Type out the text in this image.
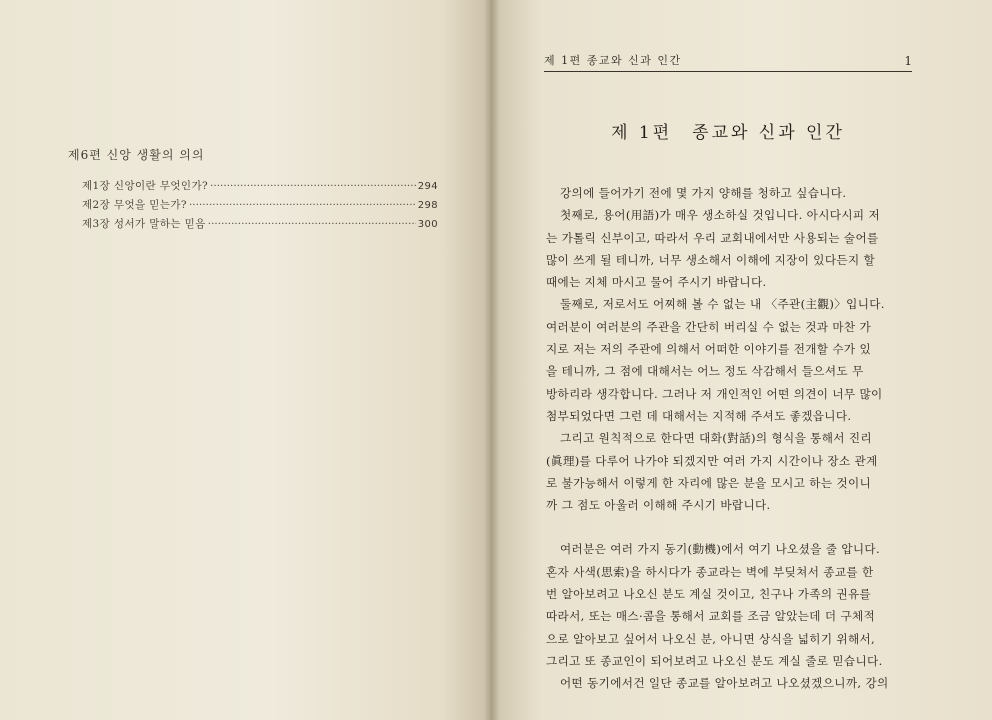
제6편 신앙 생활의 의의
제1장 신앙이란 무엇인가? ·····	294
제2장 무엇을 믿는가? ·····	298
제3장 성서가 말하는 믿음 ·····	300
제 1편 종교와 신과 인간	1
제 1편　종교와 신과 인간
강의에 들어가기 전에 몇 가지 양해를 청하고 싶습니다.
첫째로, 용어(用語)가 매우 생소하실 것입니다. 아시다시피 저
는 가톨릭 신부이고, 따라서 우리 교회내에서만 사용되는 술어를
많이 쓰게 될 테니까, 너무 생소해서 이해에 지장이 있다든지 할
때에는 지체 마시고 물어 주시기 바랍니다.
둘째로, 저로서도 어찌해 볼 수 없는 내 〈주관(主觀)〉입니다.
여러분이 여러분의 주관을 간단히 버리실 수 없는 것과 마찬 가
지로 저는 저의 주관에 의해서 어떠한 이야기를 전개할 수가 있
을 테니까, 그 점에 대해서는 어느 정도 삭감해서 들으셔도 무
방하리라 생각합니다. 그러나 저 개인적인 어떤 의견이 너무 많이
첨부되었다면 그런 데 대해서는 지적해 주셔도 좋겠읍니다.
그리고 원칙적으로 한다면 대화(對話)의 형식을 통해서 진리
(眞理)를 다루어 나가야 되겠지만 여러 가지 시간이나 장소 관계
로 불가능해서 이렇게 한 자리에 많은 분을 모시고 하는 것이니
까 그 점도 아울러 이해해 주시기 바랍니다.
여러분은 여러 가지 동기(動機)에서 여기 나오셨을 줄 압니다.
혼자 사색(思索)을 하시다가 종교라는 벽에 부딪쳐서 종교를 한
번 알아보려고 나오신 분도 계실 것이고, 친구나 가족의 권유를
따라서, 또는 매스·콤을 통해서 교회를 조금 알았는데 더 구체적
으로 알아보고 싶어서 나오신 분, 아니면 상식을 넓히기 위해서,
그리고 또 종교인이 되어보려고 나오신 분도 계실 줄로 믿습니다.
어떤 동기에서건 일단 종교를 알아보려고 나오셨겠으니까, 강의
